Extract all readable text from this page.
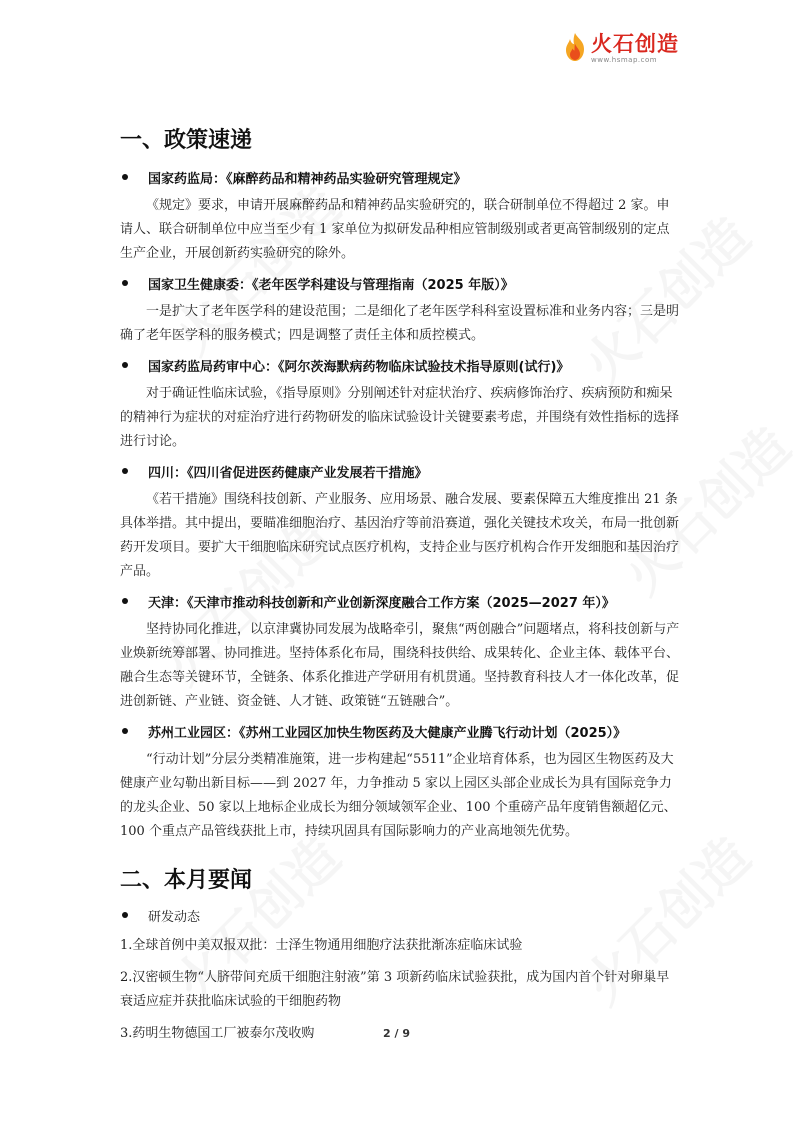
火石创造
www.hsmap.com
一、政策速递
国家药监局：《麻醉药品和精神药品实验研究管理规定》

《规定》要求，申请开展麻醉药品和精神药品实验研究的，联合研制单位不得超过 2 家。申请人、联合研制单位中应当至少有 1 家单位为拟研发品种相应管制级别或者更高管制级别的定点生产企业，开展创新药实验研究的除外。

国家卫生健康委：《老年医学科建设与管理指南（2025 年版）》

一是扩大了老年医学科的建设范围；二是细化了老年医学科科室设置标准和业务内容；三是明确了老年医学科的服务模式；四是调整了责任主体和质控模式。

国家药监局药审中心：《阿尔茨海默病药物临床试验技术指导原则(试行)》

对于确证性临床试验，《指导原则》分别阐述针对症状治疗、疾病修饰治疗、疾病预防和痴呆的精神行为症状的对症治疗进行药物研发的临床试验设计关键要素考虑，并围绕有效性指标的选择进行讨论。

四川：《四川省促进医药健康产业发展若干措施》

《若干措施》围绕科技创新、产业服务、应用场景、融合发展、要素保障五大维度推出 21 条具体举措。其中提出，要瞄准细胞治疗、基因治疗等前沿赛道，强化关键技术攻关，布局一批创新药开发项目。要扩大干细胞临床研究试点医疗机构，支持企业与医疗机构合作开发细胞和基因治疗产品。

天津：《天津市推动科技创新和产业创新深度融合工作方案（2025—2027 年）》

坚持协同化推进，以京津冀协同发展为战略牵引，聚焦“两创融合”问题堵点，将科技创新与产业焕新统筹部署、协同推进。坚持体系化布局，围绕科技供给、成果转化、企业主体、载体平台、融合生态等关键环节，全链条、体系化推进产学研用有机贯通。坚持教育科技人才一体化改革，促进创新链、产业链、资金链、人才链、政策链“五链融合”。

苏州工业园区：《苏州工业园区加快生物医药及大健康产业腾飞行动计划（2025）》

“行动计划”分层分类精准施策，进一步构建起“5511”企业培育体系，也为园区生物医药及大健康产业勾勒出新目标——到 2027 年，力争推动 5 家以上园区头部企业成长为具有国际竞争力的龙头企业、50 家以上地标企业成长为细分领域领军企业、100 个重磅产品年度销售额超亿元、100 个重点产品管线获批上市，持续巩固具有国际影响力的产业高地领先优势。

二、本月要闻
研发动态

1.全球首例中美双报双批：士泽生物通用细胞疗法获批渐冻症临床试验

2.汉密顿生物“人脐带间充质干细胞注射液”第 3 项新药临床试验获批，成为国内首个针对卵巢早衰适应症并获批临床试验的干细胞药物

3.药明生物德国工厂被泰尔茂收购	2 / 9
